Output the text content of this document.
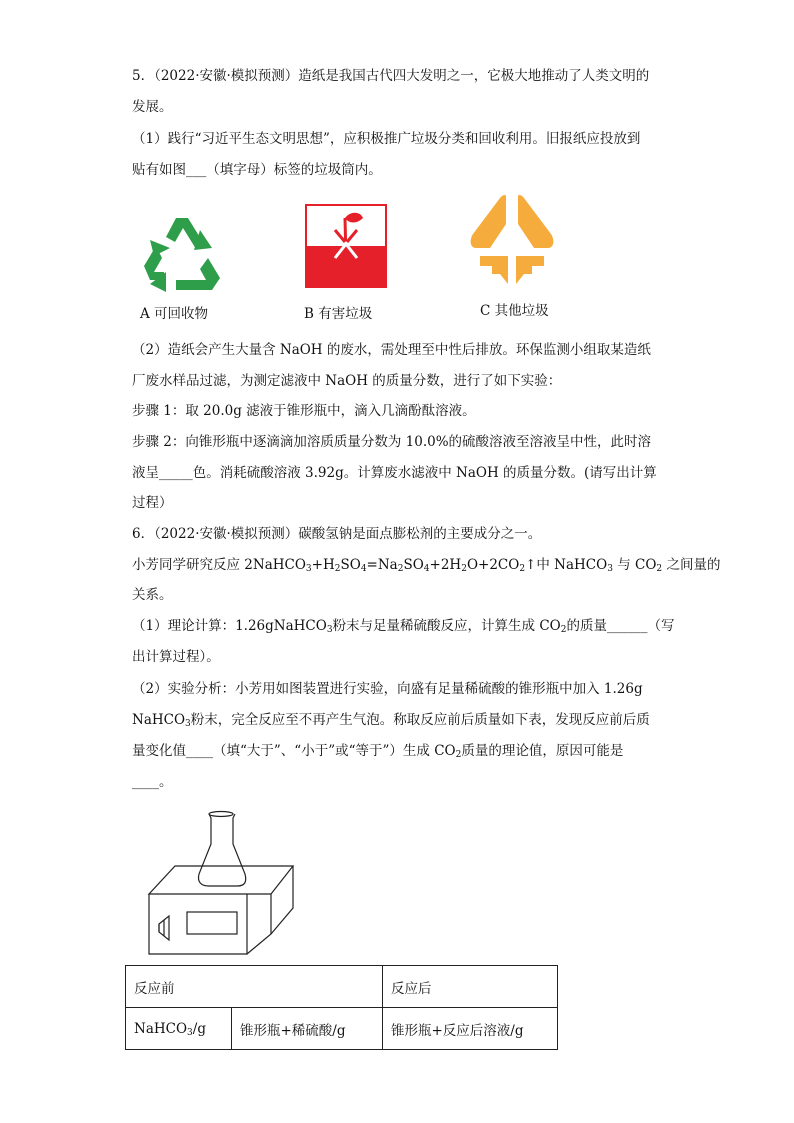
5．（2022·安徽·模拟预测）造纸是我国古代四大发明之一，它极大地推动了人类文明的
发展。
（1）践行“习近平生态文明思想”，应积极推广垃圾分类和回收利用。旧报纸应投放到
贴有如图___（填字母）标签的垃圾筒内。
A 可回收物	B 有害垃圾	C 其他垃圾
（2）造纸会产生大量含 NaOH 的废水，需处理至中性后排放。环保监测小组取某造纸
厂废水样品过滤，为测定滤液中 NaOH 的质量分数，进行了如下实验：
步骤 1：取 20.0g 滤液于锥形瓶中，滴入几滴酚酞溶液。
步骤 2：向锥形瓶中逐滴滴加溶质质量分数为 10.0%的硫酸溶液至溶液呈中性，此时溶
液呈_____色。消耗硫酸溶液 3.92g。计算废水滤液中 NaOH 的质量分数。(请写出计算
过程）
6．（2022·安徽·模拟预测）碳酸氢钠是面点膨松剂的主要成分之一。
小芳同学研究反应 $2NaHCO_3+H_2SO_4=Na_2SO_4+2H_2O+2CO_2↑$中 NaHCO$_3$ 与 $CO_2$ 之间量的
关系。
（1）理论计算：1.26gNaHCO$_3$粉末与足量稀硫酸反应，计算生成 $CO_2$的质量______（写
出计算过程）。
（2）实验分析：小芳用如图装置进行实验，向盛有足量稀硫酸的锥形瓶中加入 1.26g
NaHCO$_3$粉末，完全反应至不再产生气泡。称取反应前后质量如下表，发现反应前后质
量变化值____（填“大于”、“小于”或“等于”）生成 $CO_2$质量的理论值，原因可能是
____。
反应前		反应后
NaHCO$_3$/g	锥形瓶+稀硫酸/g	锥形瓶+反应后溶液/g
